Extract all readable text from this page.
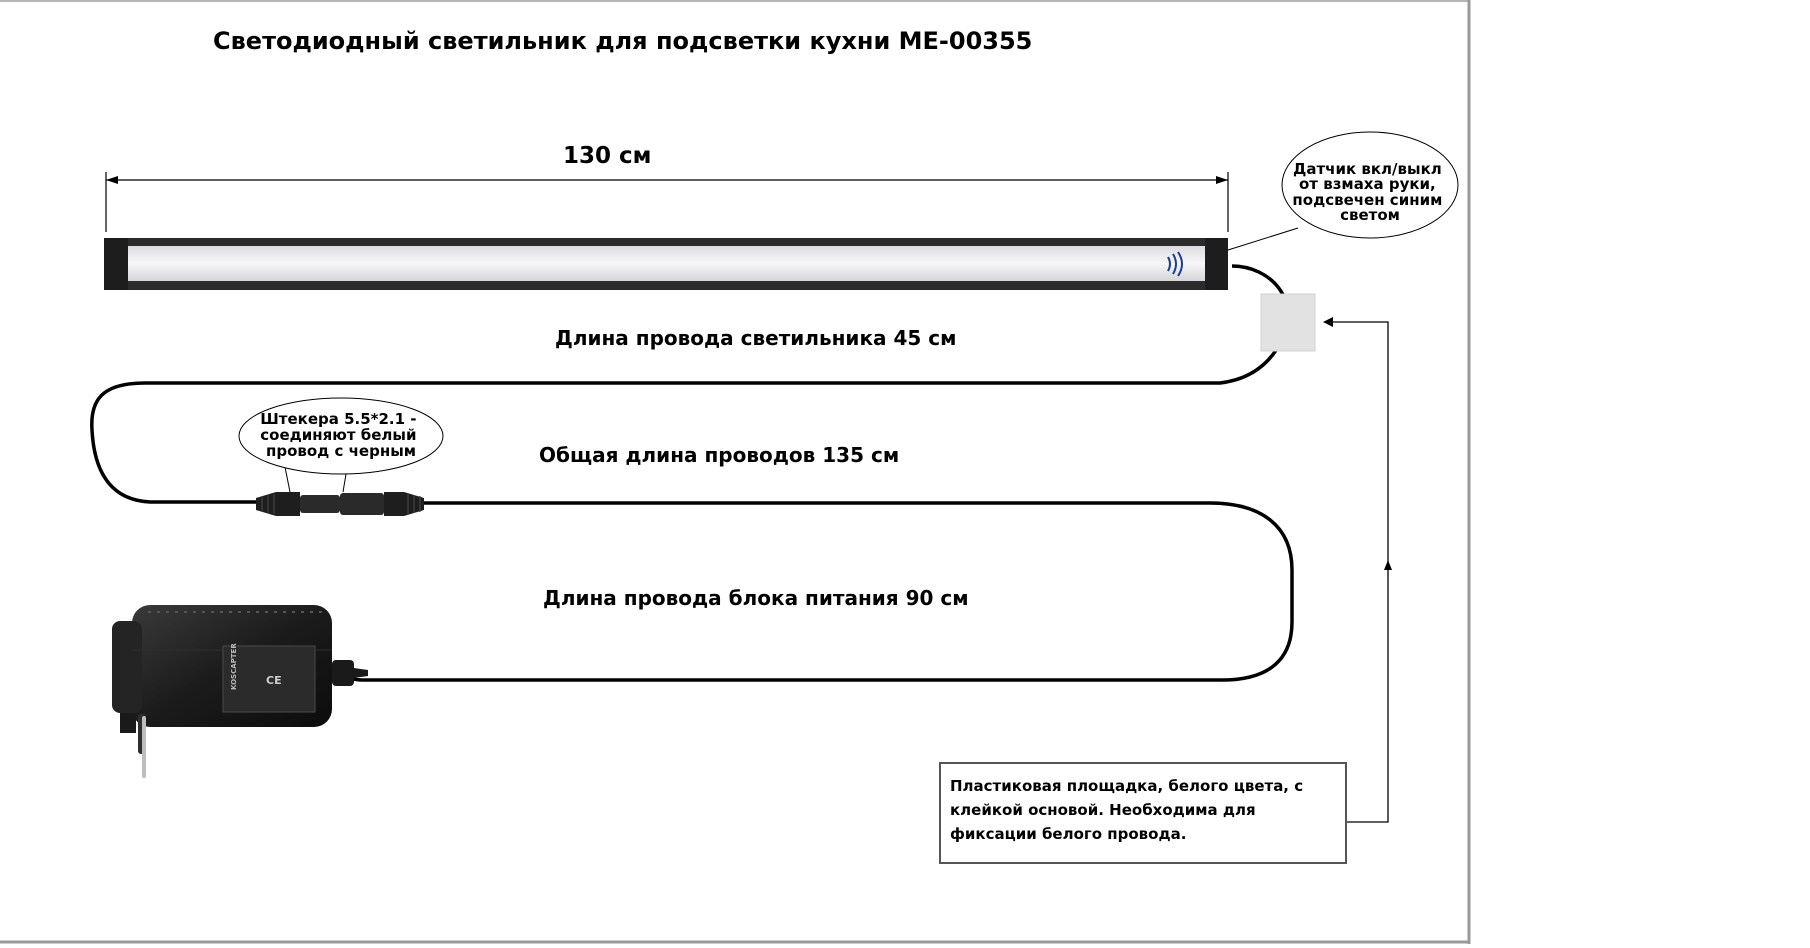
Светодиодный светильник для подсветки кухни МЕ-00355
130 см	Датчик вкл/выкл от взмаха руки, подсвечен синим светом
Штекера 5.5*2.1 - соединяют белый провод с черным
KOSCAPTER	CE
Длина провода светильника 45 см
Общая длина проводов 135 см
Длина провода блока питания 90 см
Пластиковая площадка, белого цвета, с клейкой основой. Необходима для фиксации белого провода.
